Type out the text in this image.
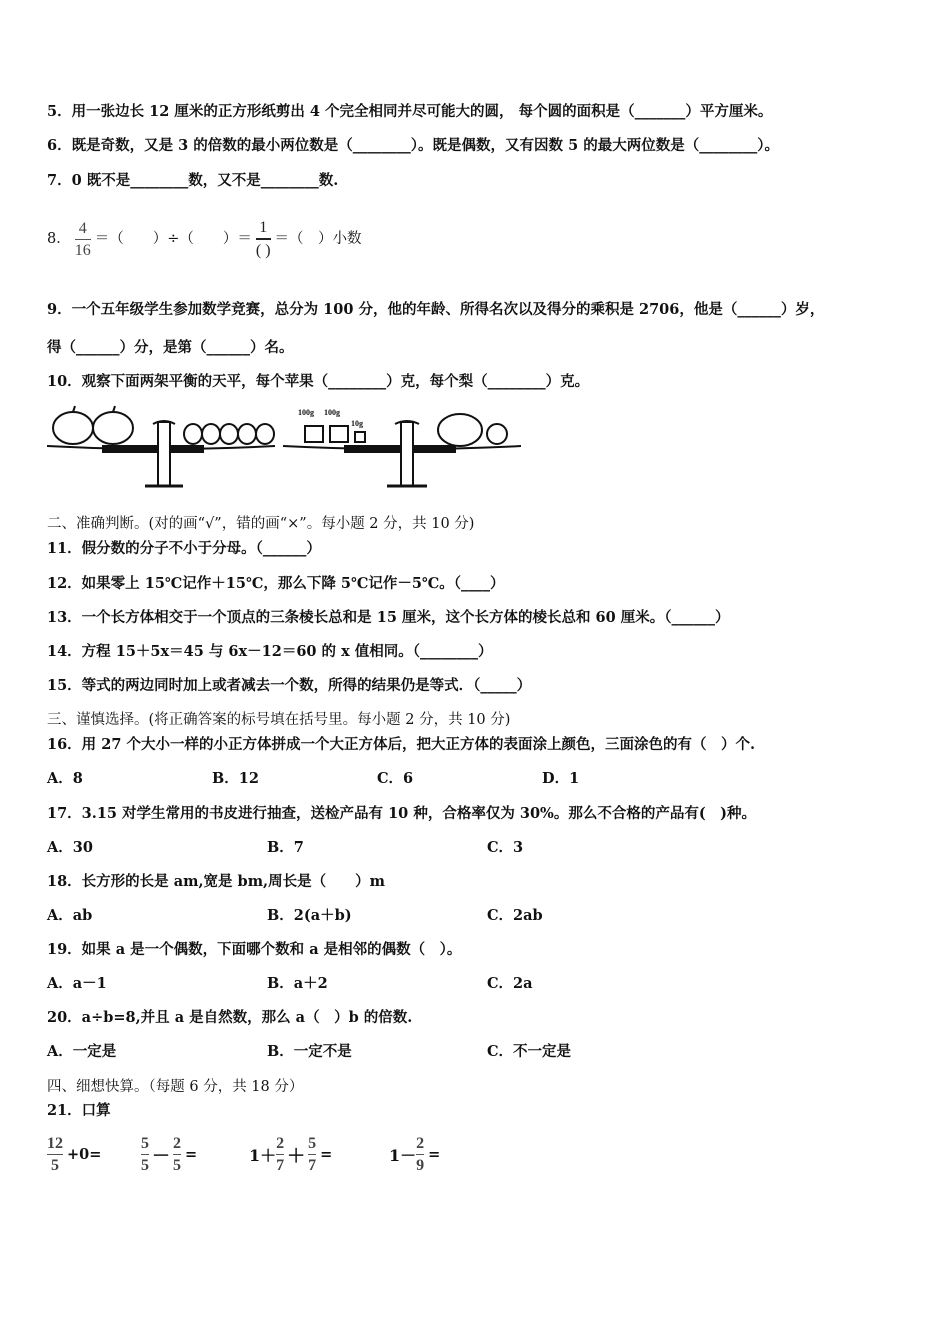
5．用一张边长 12 厘米的正方形纸剪出 4 个完全相同并尽可能大的圆， 每个圆的面积是（_______）平方厘米。
6．既是奇数，又是 3 的倍数的最小两位数是（________）。既是偶数，又有因数 5 的最大两位数是（________）。
7．0 既不是________数，又不是________数.
8． $\frac{4}{16}$ ＝（　　）÷（　　）＝ $\frac{1}{( )}$ ＝（　）小数
9．一个五年级学生参加数学竞赛，总分为 100 分，他的年龄、所得名次以及得分的乘积是 2706，他是（______）岁，
得（______）分，是第（______）名。
10．观察下面两架平衡的天平，每个苹果（________）克，每个梨（________）克。
100g 100g
10g
二、准确判断。(对的画“√”，错的画“×”。每小题 2 分，共 10 分)
11．假分数的分子不小于分母。（______）
12．如果零上 15℃记作＋15℃，那么下降 5℃记作－5℃。（____）
13．一个长方体相交于一个顶点的三条棱长总和是 15 厘米，这个长方体的棱长总和 60 厘米。（______）
14．方程 15＋5x＝45 与 6x－12＝60 的 x 值相同。（________）
15．等式的两边同时加上或者减去一个数，所得的结果仍是等式．（_____）
三、谨慎选择。(将正确答案的标号填在括号里。每小题 2 分，共 10 分)
16．用 27 个大小一样的小正方体拼成一个大正方体后，把大正方体的表面涂上颜色，三面涂色的有（　）个.
A．8	B．12	C．6	D．1
17．3.15 对学生常用的书皮进行抽查，送检产品有 10 种，合格率仅为 30%。那么不合格的产品有(　)种。
A．30	B．7	C．3
18．长方形的长是 am,宽是 bm,周长是（　　）m
A．ab	B．2(a＋b)	C．2ab
19．如果 a 是一个偶数，下面哪个数和 a 是相邻的偶数（　）。
A．a－1	B．a＋2	C．2a
20．a÷b=8,并且 a 是自然数，那么 a（　）b 的倍数.
A．一定是	B．一定不是	C．不一定是
四、细想快算。（每题 6 分，共 18 分）
21．口算
$\frac{12}{5} +0= \frac{5}{5} - \frac{2}{5}$ =	$1+ \frac{2}{7} + \frac{5}{7}$ =	$1- \frac{2}{9}$ =
